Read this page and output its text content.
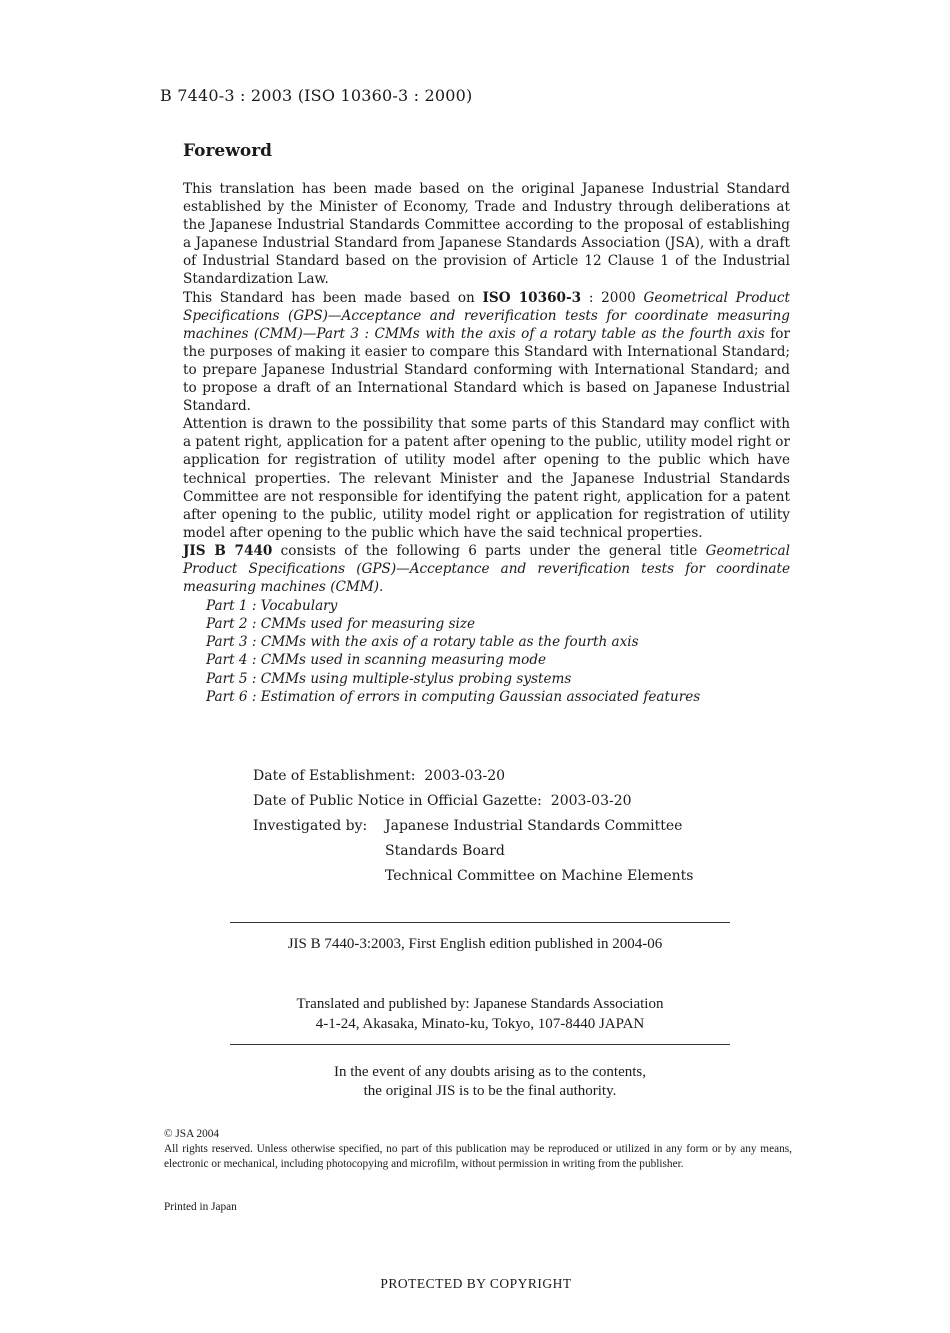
B 7440-3 : 2003 (ISO 10360-3 : 2000)
Foreword

This translation has been made based on the original Japanese Industrial Standard established by the Minister of Economy, Trade and Industry through deliberations at the Japanese Industrial Standards Committee according to the proposal of establishing a Japanese Industrial Standard from Japanese Standards Association (JSA), with a draft of Industrial Standard based on the provision of Article 12 Clause 1 of the Industrial Standardization Law.

This Standard has been made based on ISO 10360-3 : 2000 Geometrical Product Specifications (GPS)—Acceptance and reverification tests for coordinate measuring machines (CMM)—Part 3 : CMMs with the axis of a rotary table as the fourth axis for the purposes of making it easier to compare this Standard with International Standard; to prepare Japanese Industrial Standard conforming with International Standard; and to propose a draft of an International Standard which is based on Japanese Industrial Standard.

Attention is drawn to the possibility that some parts of this Standard may conflict with a patent right, application for a patent after opening to the public, utility model right or application for registration of utility model after opening to the public which have technical properties. The relevant Minister and the Japanese Industrial Standards Committee are not responsible for identifying the patent right, application for a patent after opening to the public, utility model right or application for registration of utility model after opening to the public which have the said technical properties.

JIS B 7440 consists of the following 6 parts under the general title Geometrical Product Specifications (GPS)—Acceptance and reverification tests for coordinate measuring machines (CMM).

Part 1 : Vocabulary
Part 2 : CMMs used for measuring size
Part 3 : CMMs with the axis of a rotary table as the fourth axis
Part 4 : CMMs used in scanning measuring mode
Part 5 : CMMs using multiple-stylus probing systems
Part 6 : Estimation of errors in computing Gaussian associated features
Date of Establishment:
2003-03-20
Date of Public Notice in Official Gazette:
2003-03-20
Investigated by:	Japanese Industrial Standards Committee
Standards Board
Technical Committee on Machine Elements
JIS B 7440-3:2003, First English edition published in 2004-06
Translated and published by: Japanese Standards Association
4-1-24, Akasaka, Minato-ku, Tokyo, 107-8440 JAPAN
In the event of any doubts arising as to the contents,
the original JIS is to be the final authority.
© JSA 2004
All rights reserved. Unless otherwise specified, no part of this publication may be reproduced or utilized in any form or by any means, electronic or mechanical, including photocopying and microfilm, without permission in writing from the publisher.
Printed in Japan
PROTECTED BY COPYRIGHT
